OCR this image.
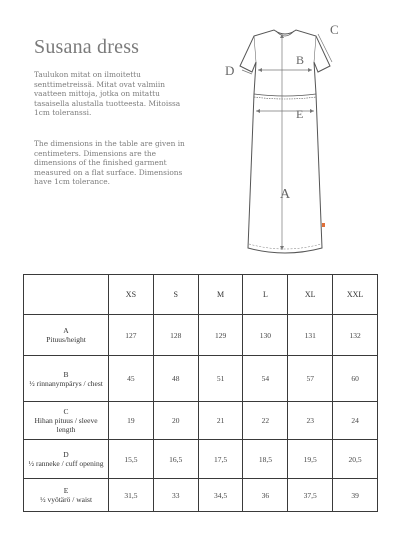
Susana dress

Taulukon mitat on ilmoitettu senttimetreissä. Mitat ovat valmiin vaatteen mittoja, jotka on mitattu tasaisella alustalla tuotteesta. Mitoissa 1cm toleranssi.

The dimensions in the table are given in centimeters. Dimensions are the dimensions of the finished garment measured on a flat surface. Dimensions have 1cm tolerance.

A
B
C
D
E
	XS	S	M	L	XL	XXL

A
Pituus/height	127	128	129	130	131	132

B
½ rinnanympärys / chest	45	48	51	54	57	60

C
Hihan pituus / sleeve length	19	20	21	22	23	24

D
½ ranneke / cuff opening	15,5	16,5	17,5	18,5	19,5	20,5

E
½ vyötärö / waist	31,5	33	34,5	36	37,5	39
